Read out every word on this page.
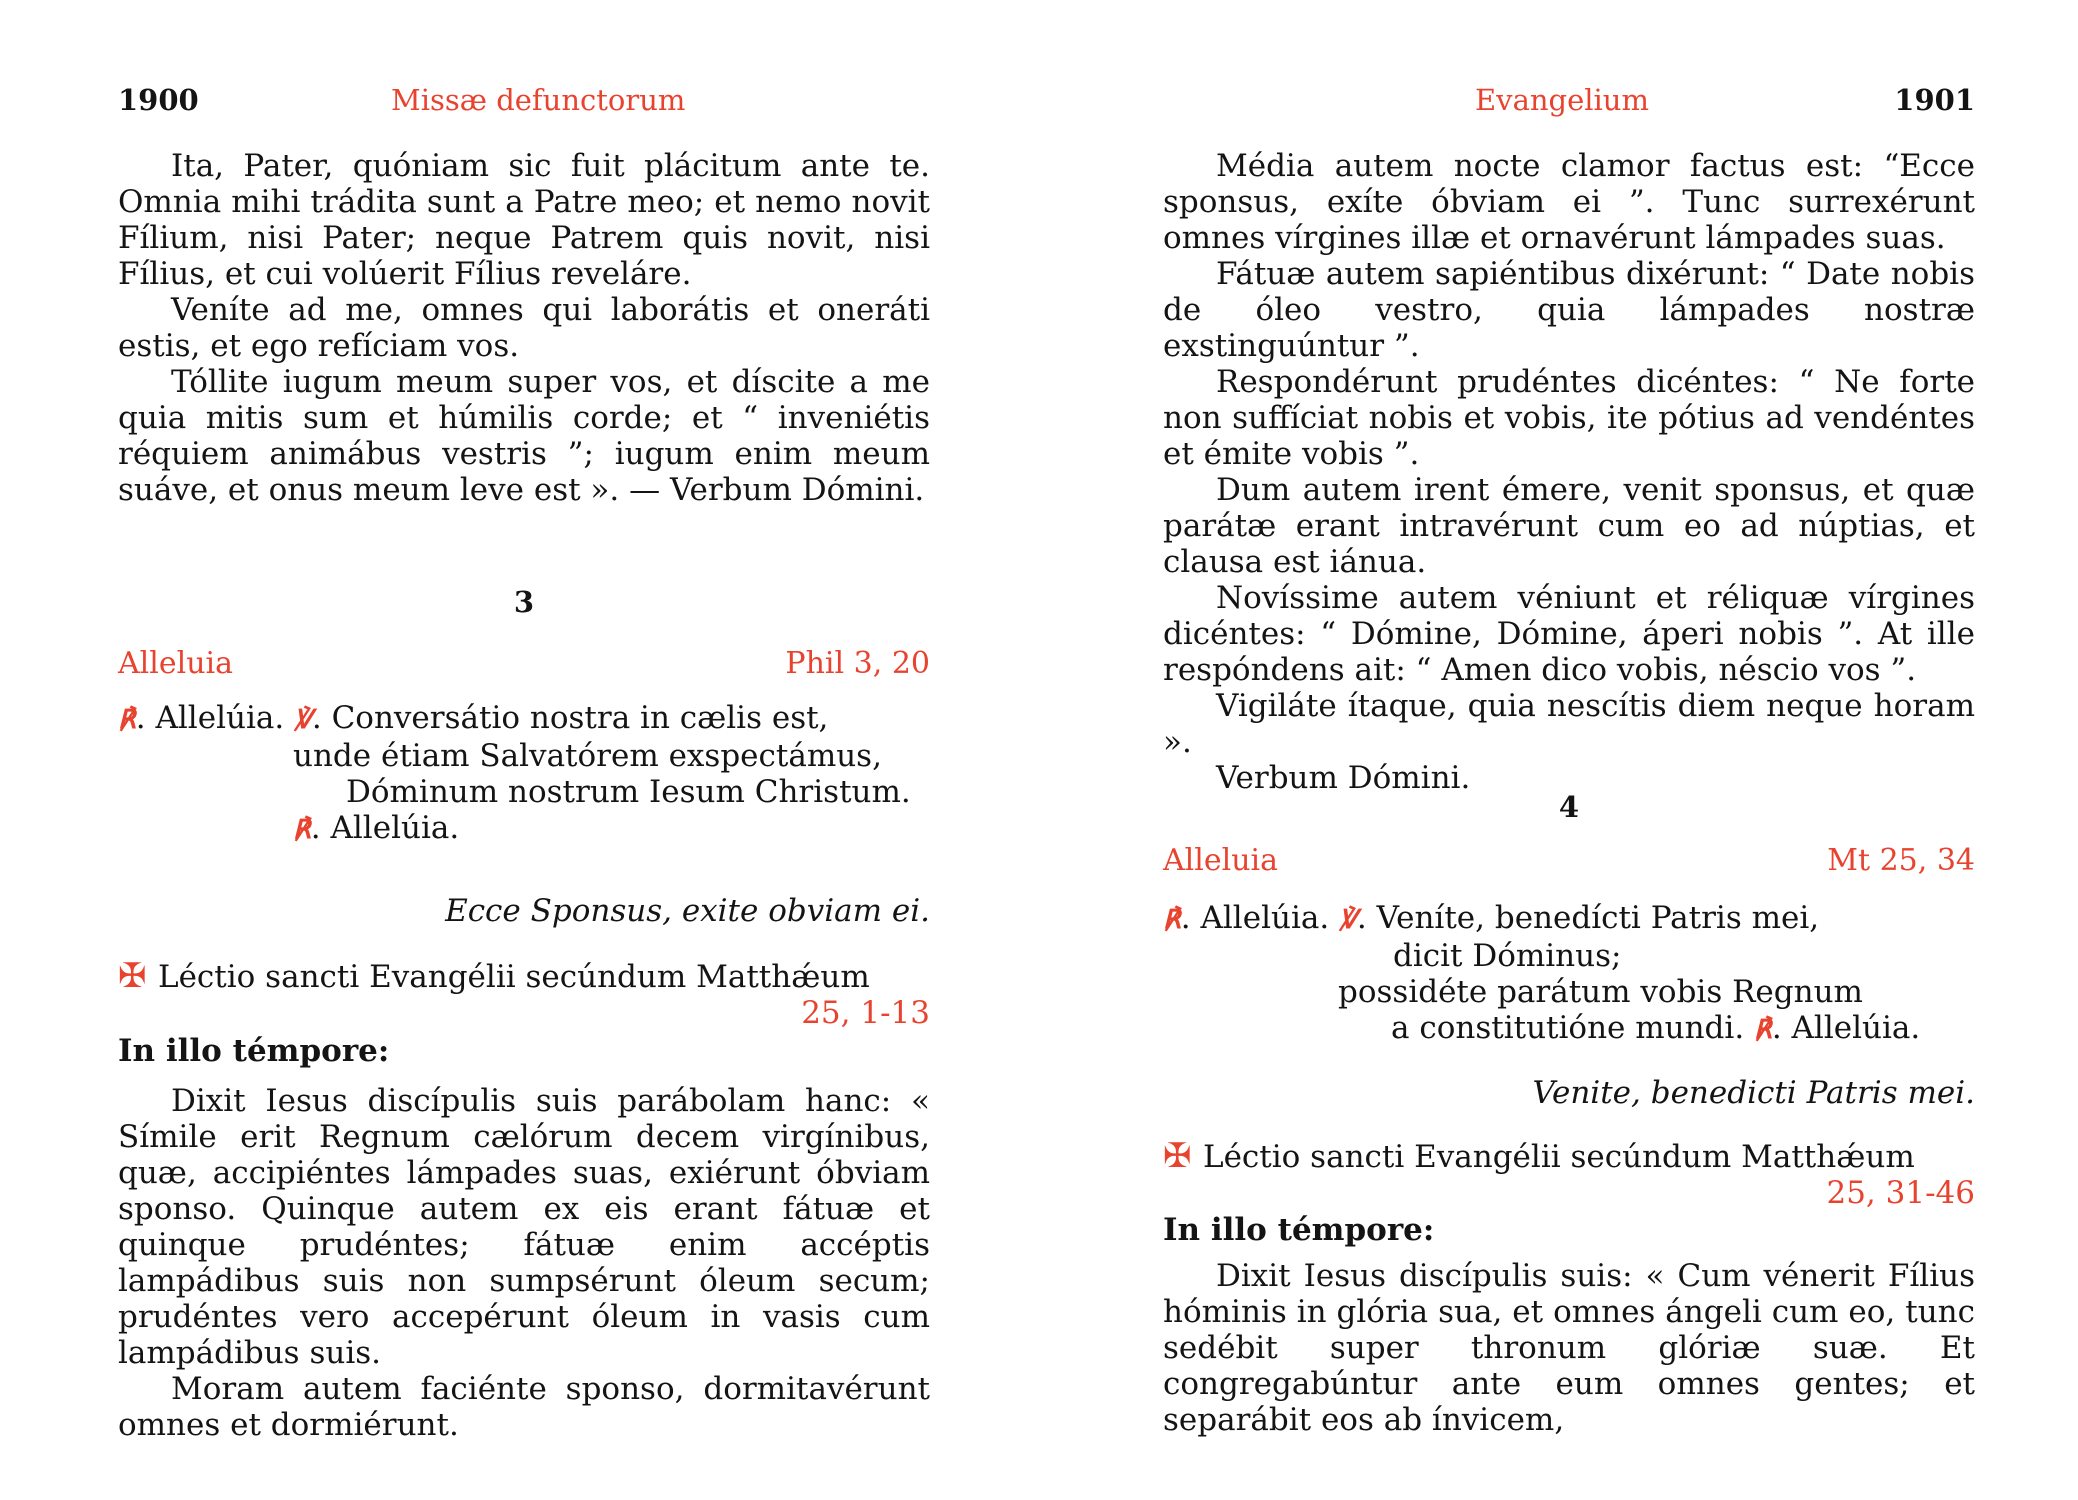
1900	Missæ defunctorum

Ita, Pater, quóniam sic fuit plácitum ante te. Omnia mihi trádita sunt a Patre meo; et nemo novit Fílium, nisi Pater; neque Patrem quis novit, nisi Fílius, et cui volúerit Fílius reveláre.

Veníte ad me, omnes qui laborátis et oneráti estis, et ego refíciam vos.

Tóllite iugum meum super vos, et díscite a me quia mitis sum et húmilis corde; et “ inveniétis réquiem animábus vestris ”; iugum enim meum suáve, et onus meum leve est ». — Verbum Dómini.

3
Alleluia	Phil 3, 20
℟. Allelúia. ℣. Conversátio nostra in cælis est,
unde étiam Salvatórem exspectámus,
Dóminum nostrum Iesum Christum.
℟. Allelúia.
Ecce Sponsus, exite obviam ei.
✠ Léctio sancti Evangélii secúndum Matthǽum
25, 1-13
In illo témpore:

Dixit Iesus discípulis suis parábolam hanc: « Símile erit Regnum cælórum decem virgínibus, quæ, accipiéntes lámpades suas, exiérunt óbviam sponso. Quinque autem ex eis erant fátuæ et quinque prudéntes; fátuæ enim accéptis lampádibus suis non sumpsérunt óleum secum; prudéntes vero accepérunt óleum in vasis cum lampádibus suis.

Moram autem faciénte sponso, dormitavérunt omnes et dormiérunt.

Evangelium	1901

Média autem nocte clamor factus est: “Ecce sponsus, exíte óbviam ei ”. Tunc surrexérunt omnes vírgines illæ et ornavérunt lámpades suas.

Fátuæ autem sapiéntibus dixérunt: “ Date nobis de óleo vestro, quia lámpades nostræ exstinguúntur ”.

Respondérunt prudéntes dicéntes: “ Ne forte non suffíciat nobis et vobis, ite pótius ad vendéntes et émite vobis ”.

Dum autem irent émere, venit sponsus, et quæ parátæ erant intravérunt cum eo ad núptias, et clausa est iánua.

Novíssime autem véniunt et réliquæ vírgines dicéntes: “ Dómine, Dómine, áperi nobis ”. At ille respóndens ait: “ Amen dico vobis, néscio vos ”.

Vigiláte ítaque, quia nescítis diem neque horam ».

Verbum Dómini.

4
Alleluia	Mt 25, 34
℟. Allelúia. ℣. Veníte, benedícti Patris mei,
dicit Dóminus;
possidéte parátum vobis Regnum
a constitutióne mundi. ℟. Allelúia.
Venite, benedicti Patris mei.
✠ Léctio sancti Evangélii secúndum Matthǽum
25, 31-46
In illo témpore:

Dixit Iesus discípulis suis: « Cum vénerit Fílius hóminis in glória sua, et omnes ángeli cum eo, tunc sedébit super thronum glóriæ suæ. Et congregabúntur ante eum omnes gentes; et separábit eos ab ínvicem,
